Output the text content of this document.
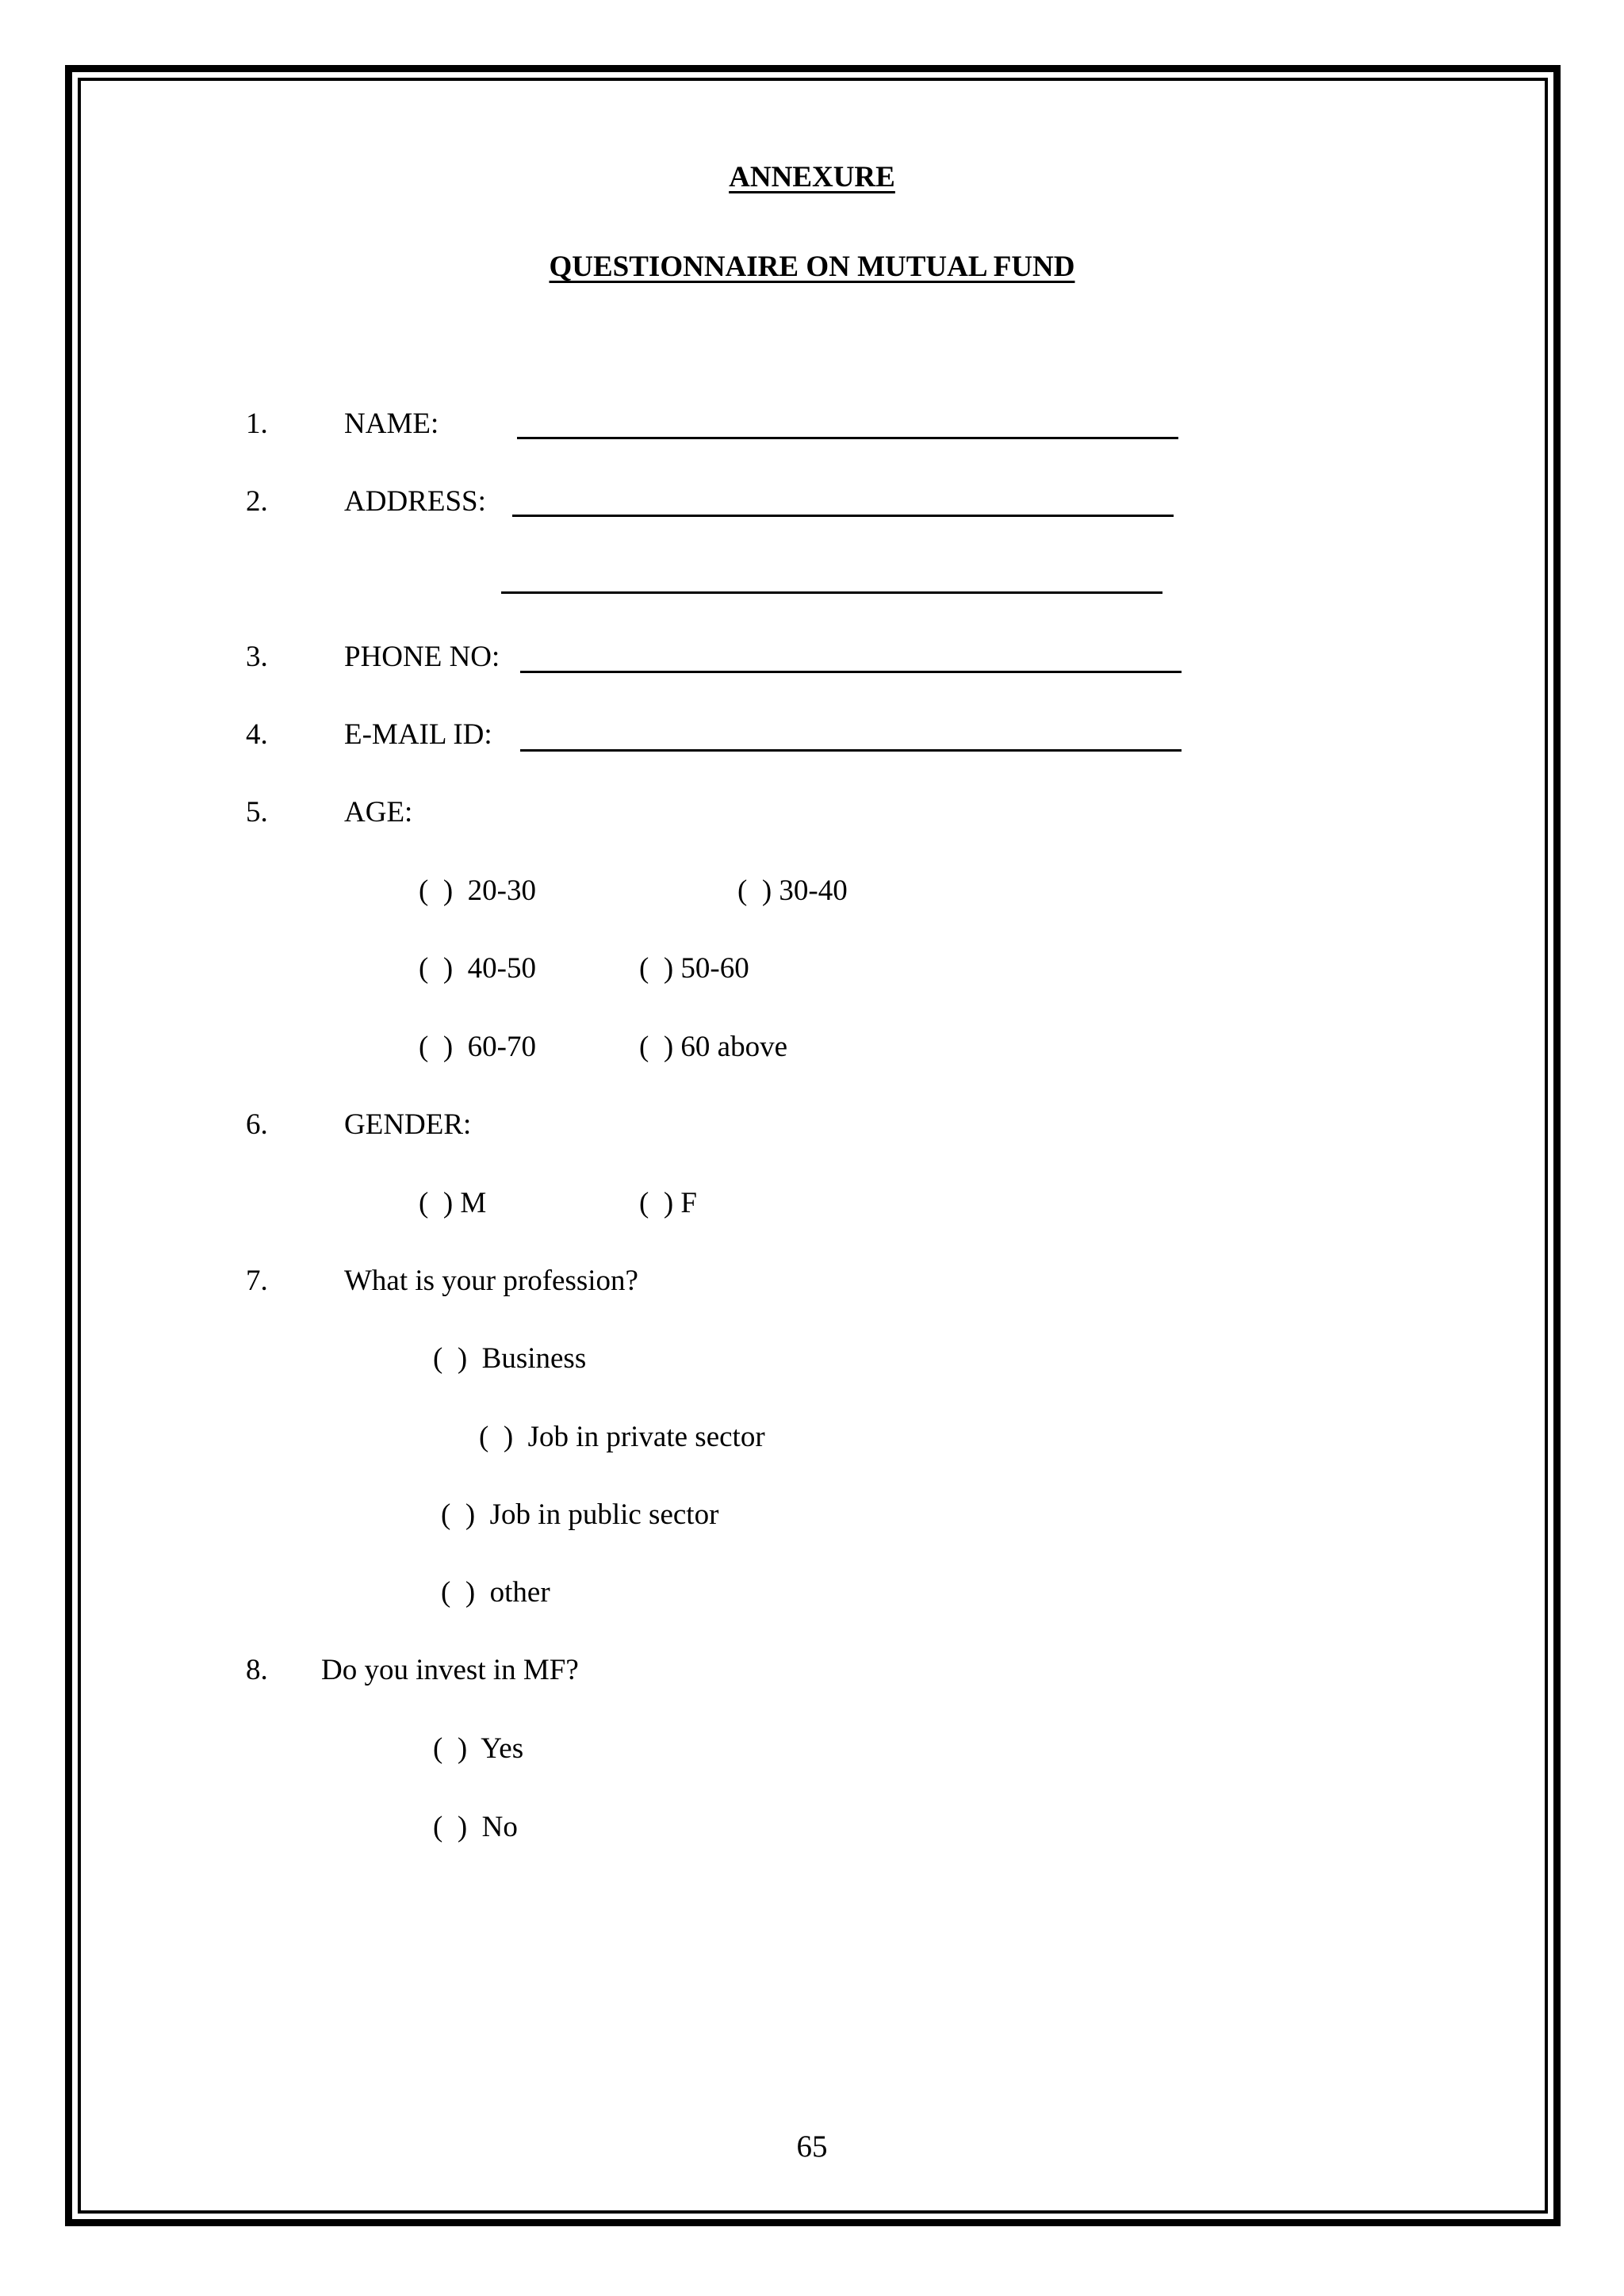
ANNEXURE
QUESTIONNAIRE ON MUTUAL FUND
1.	NAME:
2.	ADDRESS:
3.	PHONE NO:
4.	E-MAIL ID:
5.	AGE:
(  )  20-30	(  ) 30-40
(  )  40-50	(  ) 50-60
(  )  60-70	(  ) 60 above
6.	GENDER:
(  ) M	(  ) F
7.	What is your profession?
(  )  Business
(  )  Job in private sector
(  )  Job in public sector
(  )  other
8. Do you invest in MF?
(  )  Yes
(  )  No
65
